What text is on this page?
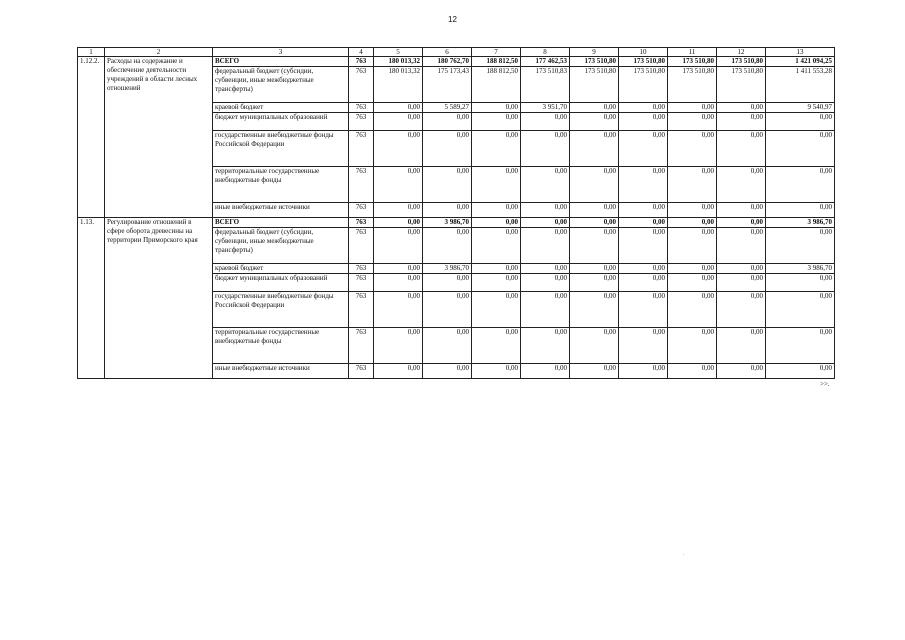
12
1	2	3	4	5	6	7	8	9	10	11	12	13
1.12.2.	Расходы на содержание и обеспечение деятельности учреждений в области лесных отношений	ВСЕГО	763	180 013,32	180 762,70	188 812,50	177 462,53	173 510,80	173 510,80	173 510,80	173 510,80	1 421 094,25
		федеральный бюджет (субсидии, субвенции, иные межбюджетные трансферты)	763	180 013,32	175 173,43	188 812,50	173 510,83	173 510,80	173 510,80	173 510,80	173 510,80	1 411 553,28
		краевой бюджет	763	0,00	5 589,27	0,00	3 951,70	0,00	0,00	0,00	0,00	9 540,97
		бюджет муниципальных образований	763	0,00	0,00	0,00	0,00	0,00	0,00	0,00	0,00	0,00
		государственные внебюджетные фонды Российской Федерации	763	0,00	0,00	0,00	0,00	0,00	0,00	0,00	0,00	0,00
		территориальные государственные внебюджетные фонды	763	0,00	0,00	0,00	0,00	0,00	0,00	0,00	0,00	0,00
		иные внебюджетные источники	763	0,00	0,00	0,00	0,00	0,00	0,00	0,00	0,00	0,00
1.13.	Регулирование отношений в сфере оборота древесины на территории Приморского края	ВСЕГО	763	0,00	3 986,70	0,00	0,00	0,00	0,00	0,00	0,00	3 986,70
		федеральный бюджет (субсидии, субвенции, иные межбюджетные трансферты)	763	0,00	0,00	0,00	0,00	0,00	0,00	0,00	0,00	0,00
		краевой бюджет	763	0,00	3 986,70	0,00	0,00	0,00	0,00	0,00	0,00	3 986,70
		бюджет муниципальных образований	763	0,00	0,00	0,00	0,00	0,00	0,00	0,00	0,00	0,00
		государственные внебюджетные фонды Российской Федерации	763	0,00	0,00	0,00	0,00	0,00	0,00	0,00	0,00	0,00
		территориальные государственные внебюджетные фонды	763	0,00	0,00	0,00	0,00	0,00	0,00	0,00	0,00	0,00
		иные внебюджетные источники	763	0,00	0,00	0,00	0,00	0,00	0,00	0,00	0,00	0,00
>>.
.
